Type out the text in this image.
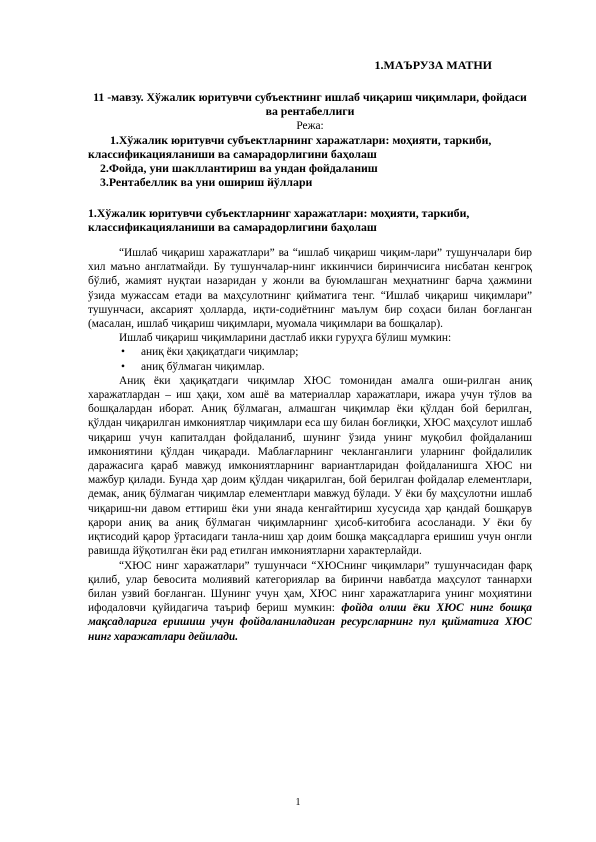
1.МАЪРУЗА МАТНИ

11 -мавзу. Хўжалик юритувчи субъектнинг ишлаб чиқариш чиқимлари, фойдаси ва рентабеллиги

Режа:

1.Хўжалик юритувчи субъектларнинг харажатлари: моҳияти, таркиби, классификацияланиши ва самарадорлигини баҳолаш

2.Фойда, уни шакллантириш ва ундан фойдаланиш

3.Рентабеллик ва уни ошириш йўллари

1.Хўжалик юритувчи субъектларнинг харажатлари: моҳияти, таркиби, классификацияланиши ва самарадорлигини баҳолаш

“Ишлаб чиқариш харажатлари” ва “ишлаб чиқариш чиқим-лари” тушунчалари бир хил маъно англатмайди. Бу тушунчалар-нинг иккинчиси биринчисига нисбатан кенгроқ бўлиб, жамият нуқтаи назаридан у жонли ва буюмлашган меҳнатнинг барча ҳажмини ўзида мужассам етади ва маҳсулотнинг қийматига тенг. “Ишлаб чиқариш чиқимлари” тушунчаси, аксарият ҳолларда, иқти-содиётнинг маълум бир соҳаси билан боғланган (масалан, ишлаб чиқариш чиқимлари, муомала чиқимлари ва бошқалар).

Ишлаб чиқариш чиқимларини дастлаб икки гуруҳга бўлиш мумкин:

• аниқ ёки ҳақиқатдаги чиқимлар;
• аниқ бўлмаган чиқимлар.

Аниқ ёки ҳақиқатдаги чиқимлар ХЮС томонидан амалга оши-рилган аниқ харажатлардан – иш ҳақи, хом ашё ва материаллар харажатлари, ижара учун тўлов ва бошқалардан иборат. Аниқ бўлмаган, алмашган чиқимлар ёки қўлдан бой берилган, қўлдан чиқарилган имкониятлар чиқимлари еса шу билан боғлиқки, ХЮС маҳсулот ишлаб чиқариш учун капиталдан фойдаланиб, шунинг ўзида унинг муқобил фойдаланиш имкониятини қўлдан чиқаради. Маблағларнинг чекланганлиги уларнинг фойдалилик даражасига қараб мавжуд имкониятларнинг вариантларидан фойдаланишга ХЮС ни мажбур қилади. Бунда ҳар доим қўлдан чиқарилган, бой берилган фойдалар елементлари, демак, аниқ бўлмаган чиқимлар елементлари мавжуд бўлади. У ёки бу маҳсулотни ишлаб чиқариш-ни давом еттириш ёки уни янада кенгайтириш хусусида ҳар қандай бошқарув қарори аниқ ва аниқ бўлмаган чиқимларнинг ҳисоб-китобига асосланади. У ёки бу иқтисодий қарор ўртасидаги танла-ниш ҳар доим бошқа мақсадларга еришиш учун онгли равишда йўқотилган ёки рад етилган имкониятларни характерлайди.

“ХЮС нинг харажатлари” тушунчаси “ХЮСнинг чиқимлари” тушунчасидан фарқ қилиб, улар бевосита молиявий категориялар ва биринчи навбатда маҳсулот таннархи билан узвий боғланган. Шунинг учун ҳам, ХЮС нинг харажатларига унинг моҳиятини ифодаловчи қуйидагича таъриф бериш мумкин: фойда олиш ёки ХЮС нинг бошқа мақсадларига еришиш учун фойдаланиладиган ресурсларнинг пул қийматига ХЮС нинг харажатлари дейилади.

1
